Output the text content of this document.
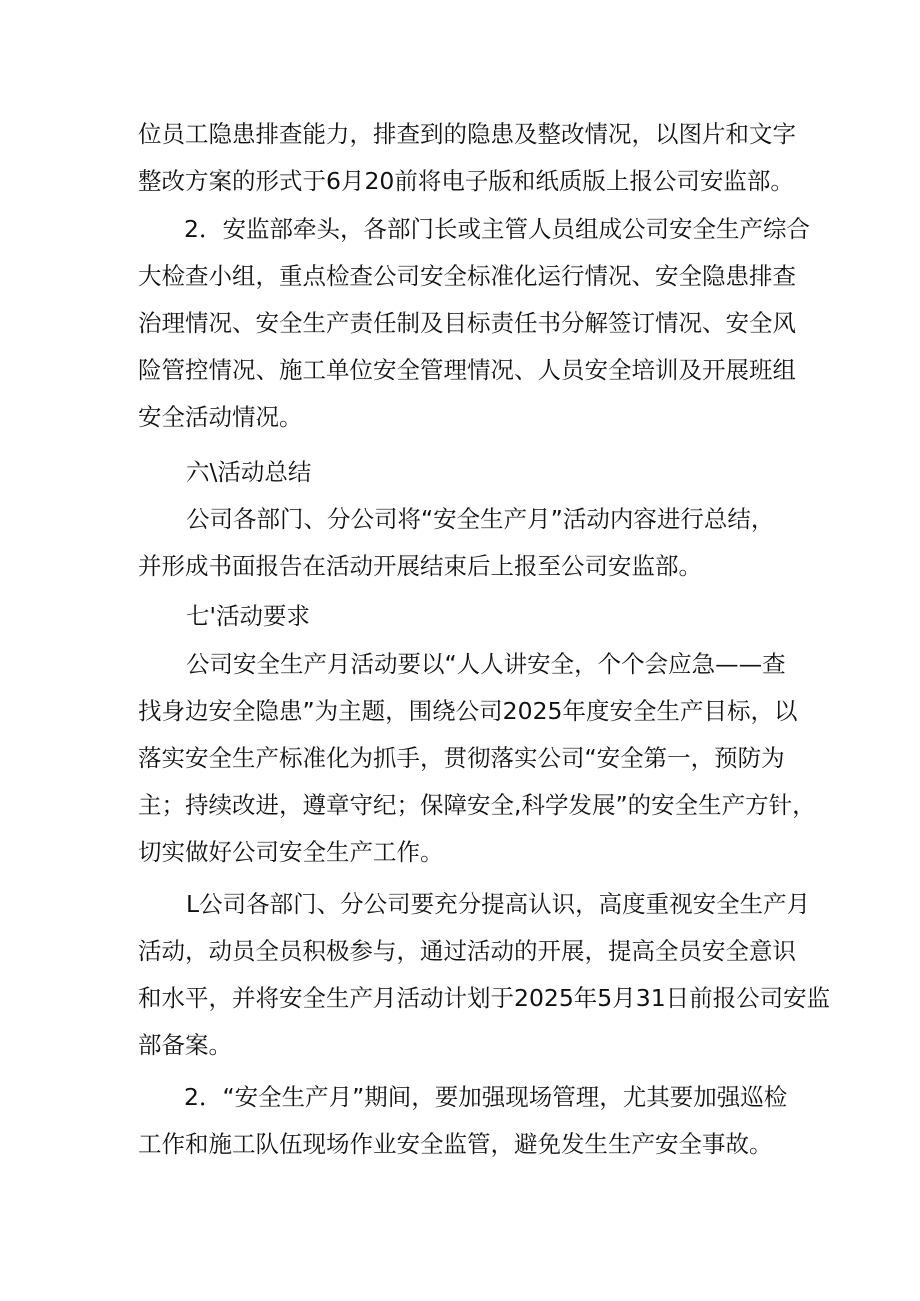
位员工隐患排查能力，排查到的隐患及整改情况，以图片和文字
整改方案的形式于6月20前将电子版和纸质版上报公司安监部。
2．安监部牵头，各部门长或主管人员组成公司安全生产综合
大检查小组，重点检查公司安全标准化运行情况、安全隐患排查
治理情况、安全生产责任制及目标责任书分解签订情况、安全风
险管控情况、施工单位安全管理情况、人员安全培训及开展班组
安全活动情况。
六\活动总结
公司各部门、分公司将“安全生产月”活动内容进行总结，
并形成书面报告在活动开展结束后上报至公司安监部。
七'活动要求
公司安全生产月活动要以“人人讲安全，个个会应急——查
找身边安全隐患”为主题，围绕公司2025年度安全生产目标，以
落实安全生产标准化为抓手，贯彻落实公司“安全第一，预防为
主；持续改进，遵章守纪；保障安全,科学发展”的安全生产方针，
切实做好公司安全生产工作。
L公司各部门、分公司要充分提高认识，高度重视安全生产月
活动，动员全员积极参与，通过活动的开展，提高全员安全意识
和水平，并将安全生产月活动计划于2025年5月31日前报公司安监
部备案。
2．“安全生产月”期间，要加强现场管理，尤其要加强巡检
工作和施工队伍现场作业安全监管，避免发生生产安全事故。
